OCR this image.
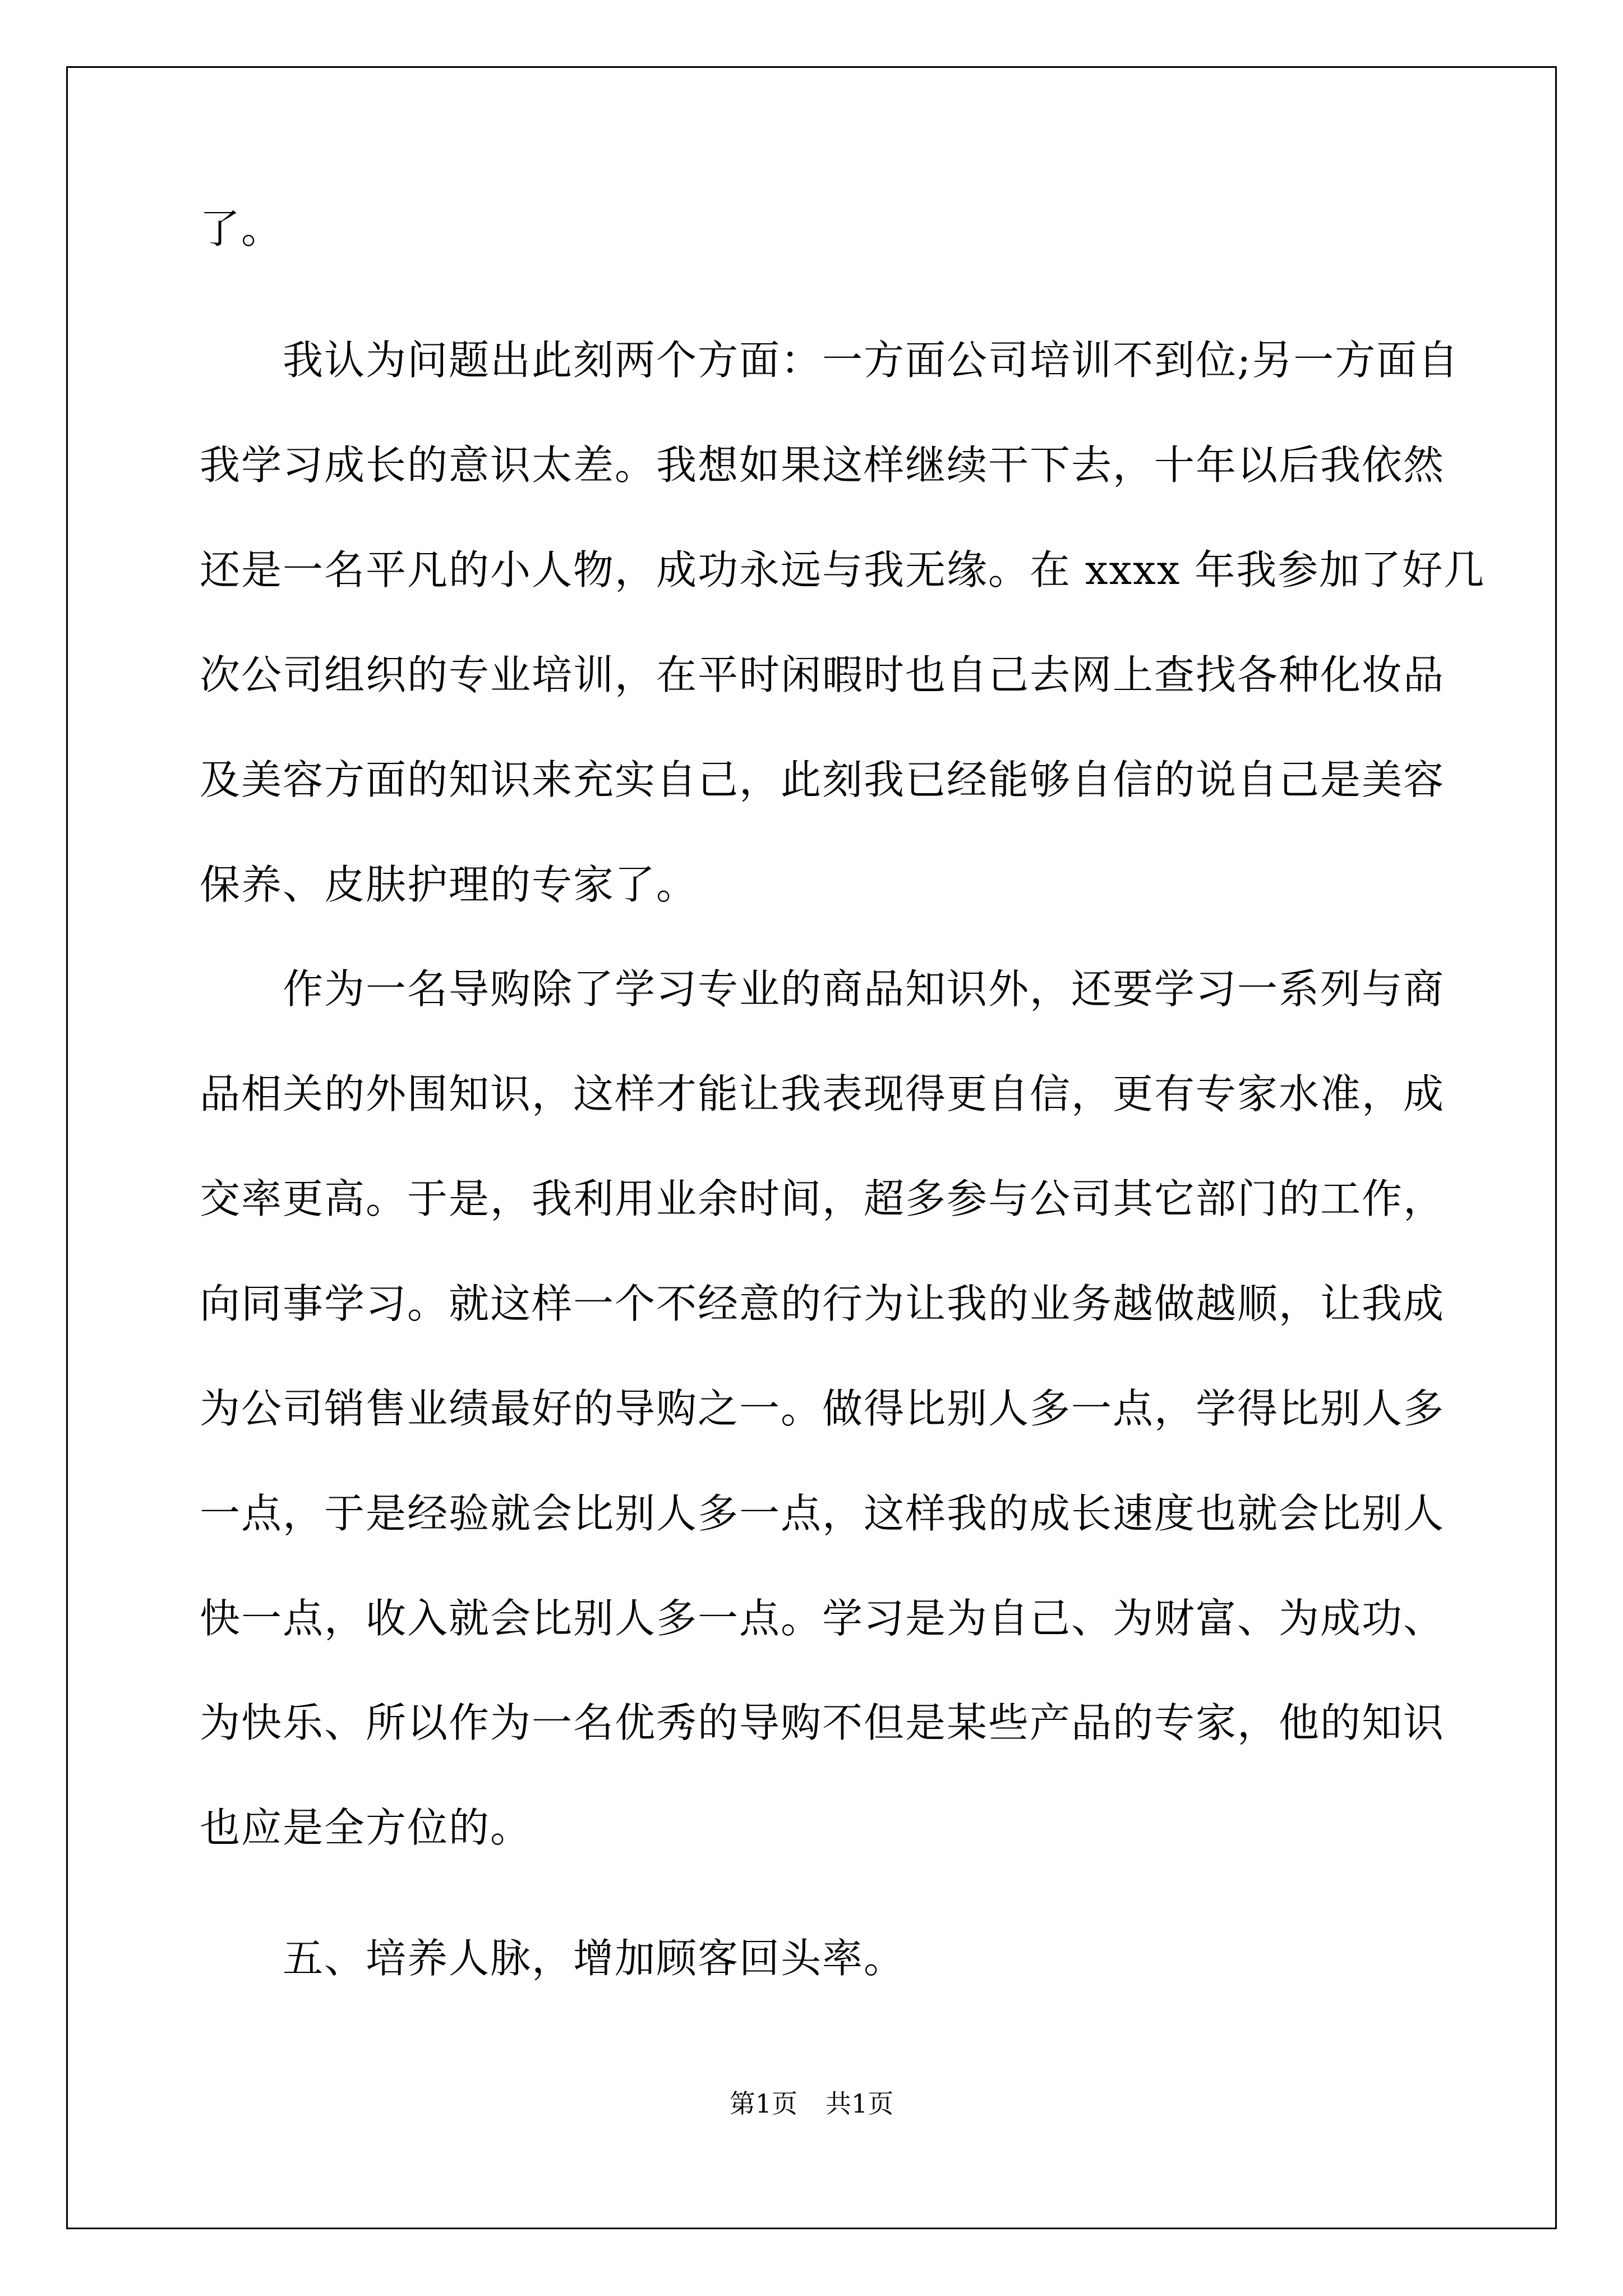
了。
我认为问题出此刻两个方面：一方面公司培训不到位;另一方面自
我学习成长的意识太差。我想如果这样继续干下去，十年以后我依然
还是一名平凡的小人物，成功永远与我无缘。在 xxxx 年我参加了好几
次公司组织的专业培训，在平时闲暇时也自己去网上查找各种化妆品
及美容方面的知识来充实自己，此刻我已经能够自信的说自己是美容
保养、皮肤护理的专家了。
作为一名导购除了学习专业的商品知识外，还要学习一系列与商
品相关的外围知识，这样才能让我表现得更自信，更有专家水准，成
交率更高。于是，我利用业余时间，超多参与公司其它部门的工作，
向同事学习。就这样一个不经意的行为让我的业务越做越顺，让我成
为公司销售业绩最好的导购之一。做得比别人多一点，学得比别人多
一点，于是经验就会比别人多一点，这样我的成长速度也就会比别人
快一点，收入就会比别人多一点。学习是为自己、为财富、为成功、
为快乐、所以作为一名优秀的导购不但是某些产品的专家，他的知识
也应是全方位的。
五、培养人脉，增加顾客回头率。
第1页 共1页
